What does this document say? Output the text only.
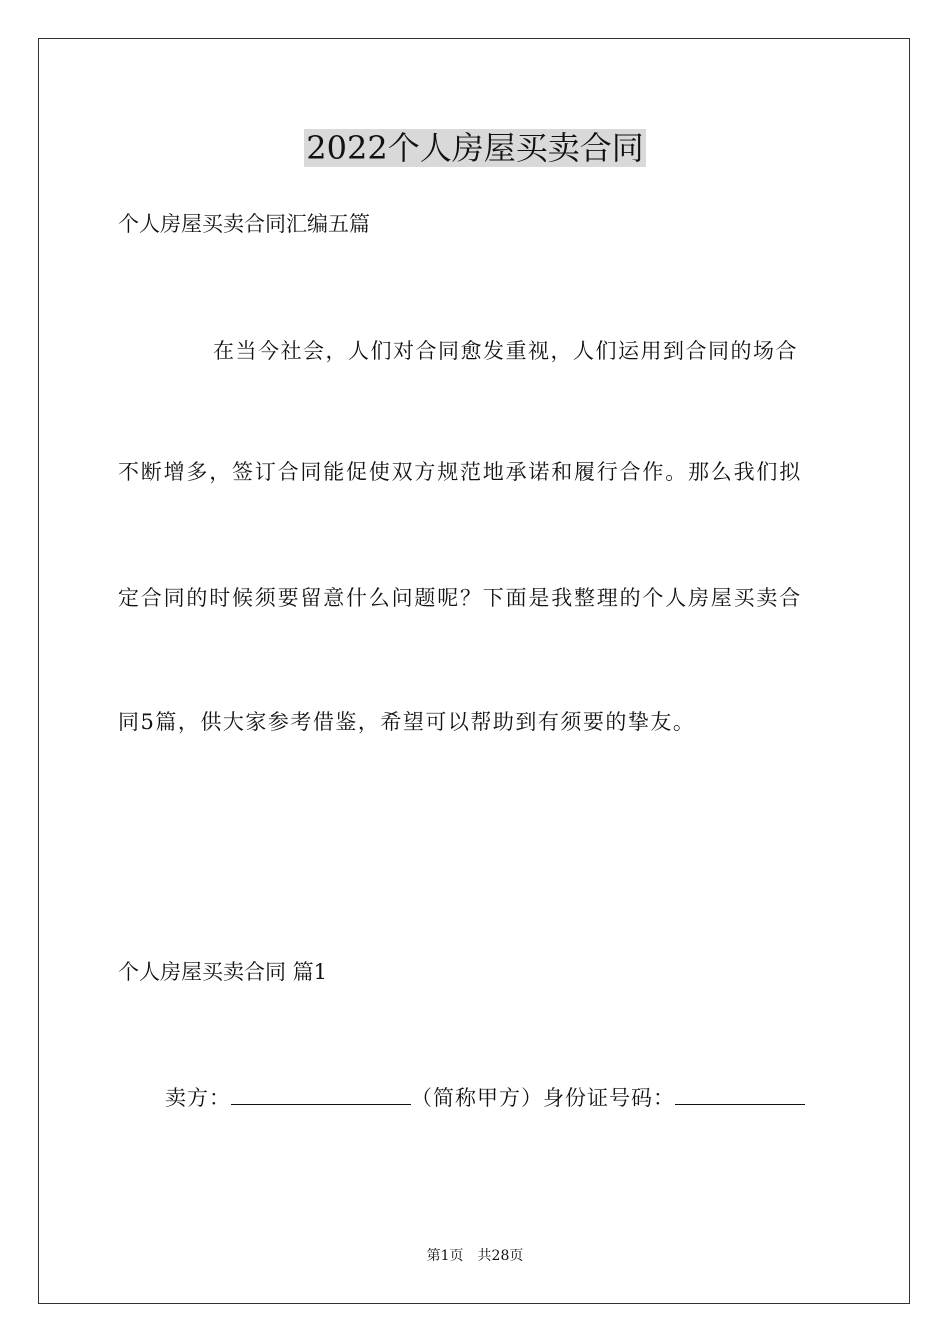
2022个人房屋买卖合同
个人房屋买卖合同汇编五篇
在当今社会，人们对合同愈发重视，人们运用到合同的场合
不断增多，签订合同能促使双方规范地承诺和履行合作。那么我们拟
定合同的时候须要留意什么问题呢？下面是我整理的个人房屋买卖合
同5篇，供大家参考借鉴，希望可以帮助到有须要的挚友。
个人房屋买卖合同 篇1
卖方：	（简称甲方）身份证号码：
第1页 共28页
